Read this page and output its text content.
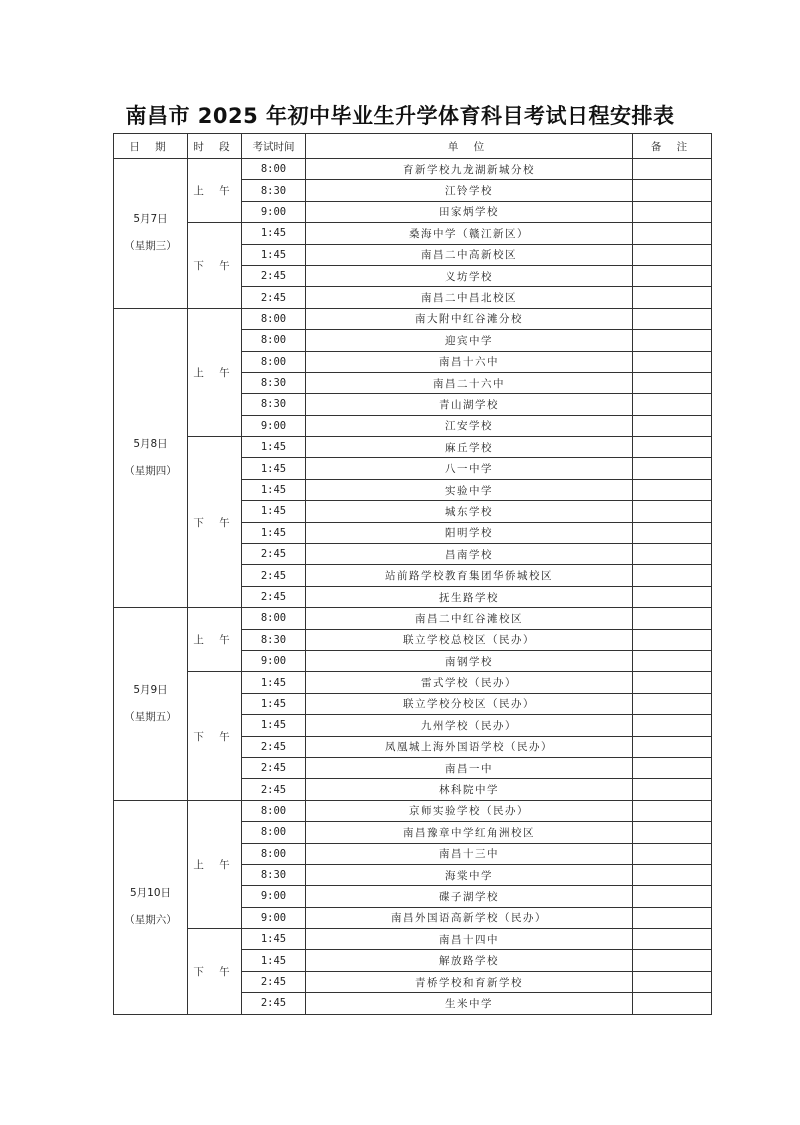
南昌市 2025 年初中毕业生升学体育科目考试日程安排表
日 期	时 段	考试时间	单 位	备 注

5月7日
（星期三）	上 午	8:00	育新学校九龙湖新城分校	
		8:30	江铃学校	
		9:00	田家炳学校	
	下 午	1:45	桑海中学（赣江新区）	
		1:45	南昌二中高新校区	
		2:45	义坊学校	
		2:45	南昌二中昌北校区	

5月8日
（星期四）	上 午	8:00	南大附中红谷滩分校	
		8:00	迎宾中学	
		8:00	南昌十六中	
		8:30	南昌二十六中	
		8:30	青山湖学校	
		9:00	江安学校	
	下 午	1:45	麻丘学校	
		1:45	八一中学	
		1:45	实验中学	
		1:45	城东学校	
		1:45	阳明学校	
		2:45	昌南学校	
		2:45	站前路学校教育集团华侨城校区	
		2:45	抚生路学校	

5月9日
（星期五）	上 午	8:00	南昌二中红谷滩校区	
		8:30	联立学校总校区（民办）	
		9:00	南钢学校	
	下 午	1:45	雷式学校（民办）	
		1:45	联立学校分校区（民办）	
		1:45	九州学校（民办）	
		2:45	凤凰城上海外国语学校（民办）	
		2:45	南昌一中	
		2:45	林科院中学	

5月10日
（星期六）	上 午	8:00	京师实验学校（民办）	
		8:00	南昌豫章中学红角洲校区	
		8:00	南昌十三中	
		8:30	海棠中学	
		9:00	碟子湖学校	
		9:00	南昌外国语高新学校（民办）	
	下 午	1:45	南昌十四中	
		1:45	解放路学校	
		2:45	青桥学校和育新学校	
		2:45	生米中学	
